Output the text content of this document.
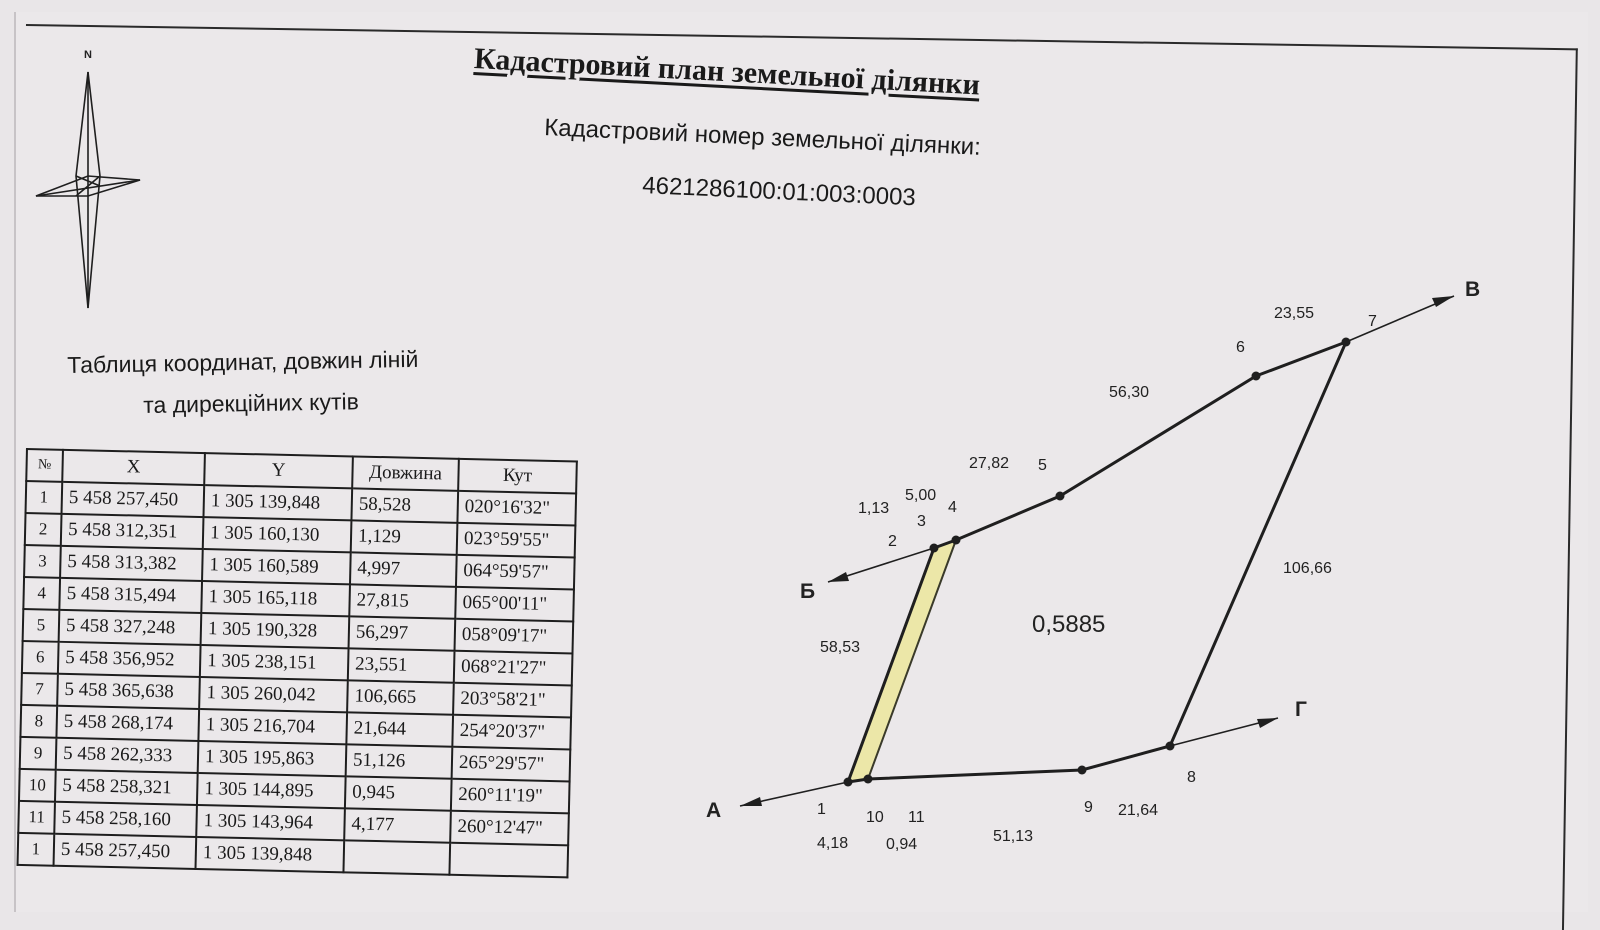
Кадастровий план земельної ділянки
Кадастровий номер земельної ділянки:
4621286100:01:003:0003
N
Таблиця координат, довжин ліній
та дирекційних кутів
№	X	Y	Довжина	Кут
1	5 458 257,450	1 305 139,848	58,528	020°16'32"
2	5 458 312,351	1 305 160,130	1,129	023°59'55"
3	5 458 313,382	1 305 160,589	4,997	064°59'57"
4	5 458 315,494	1 305 165,118	27,815	065°00'11"
5	5 458 327,248	1 305 190,328	56,297	058°09'17"
6	5 458 356,952	1 305 238,151	23,551	068°21'27"
7	5 458 365,638	1 305 260,042	106,665	203°58'21"
8	5 458 268,174	1 305 216,704	21,644	254°20'37"
9	5 458 262,333	1 305 195,863	51,126	265°29'57"
10	5 458 258,321	1 305 144,895	0,945	260°11'19"
11	5 458 258,160	1 305 143,964	4,177	260°12'47"
1	5 458 257,450	1 305 139,848		
А
Б
В
Г
1
2
3
4
5
6
7
8
9
10 11
1,13
5,00
27,82
56,30
23,55
106,66
21,64
51,13
0,94
4,18
58,53
0,5885
